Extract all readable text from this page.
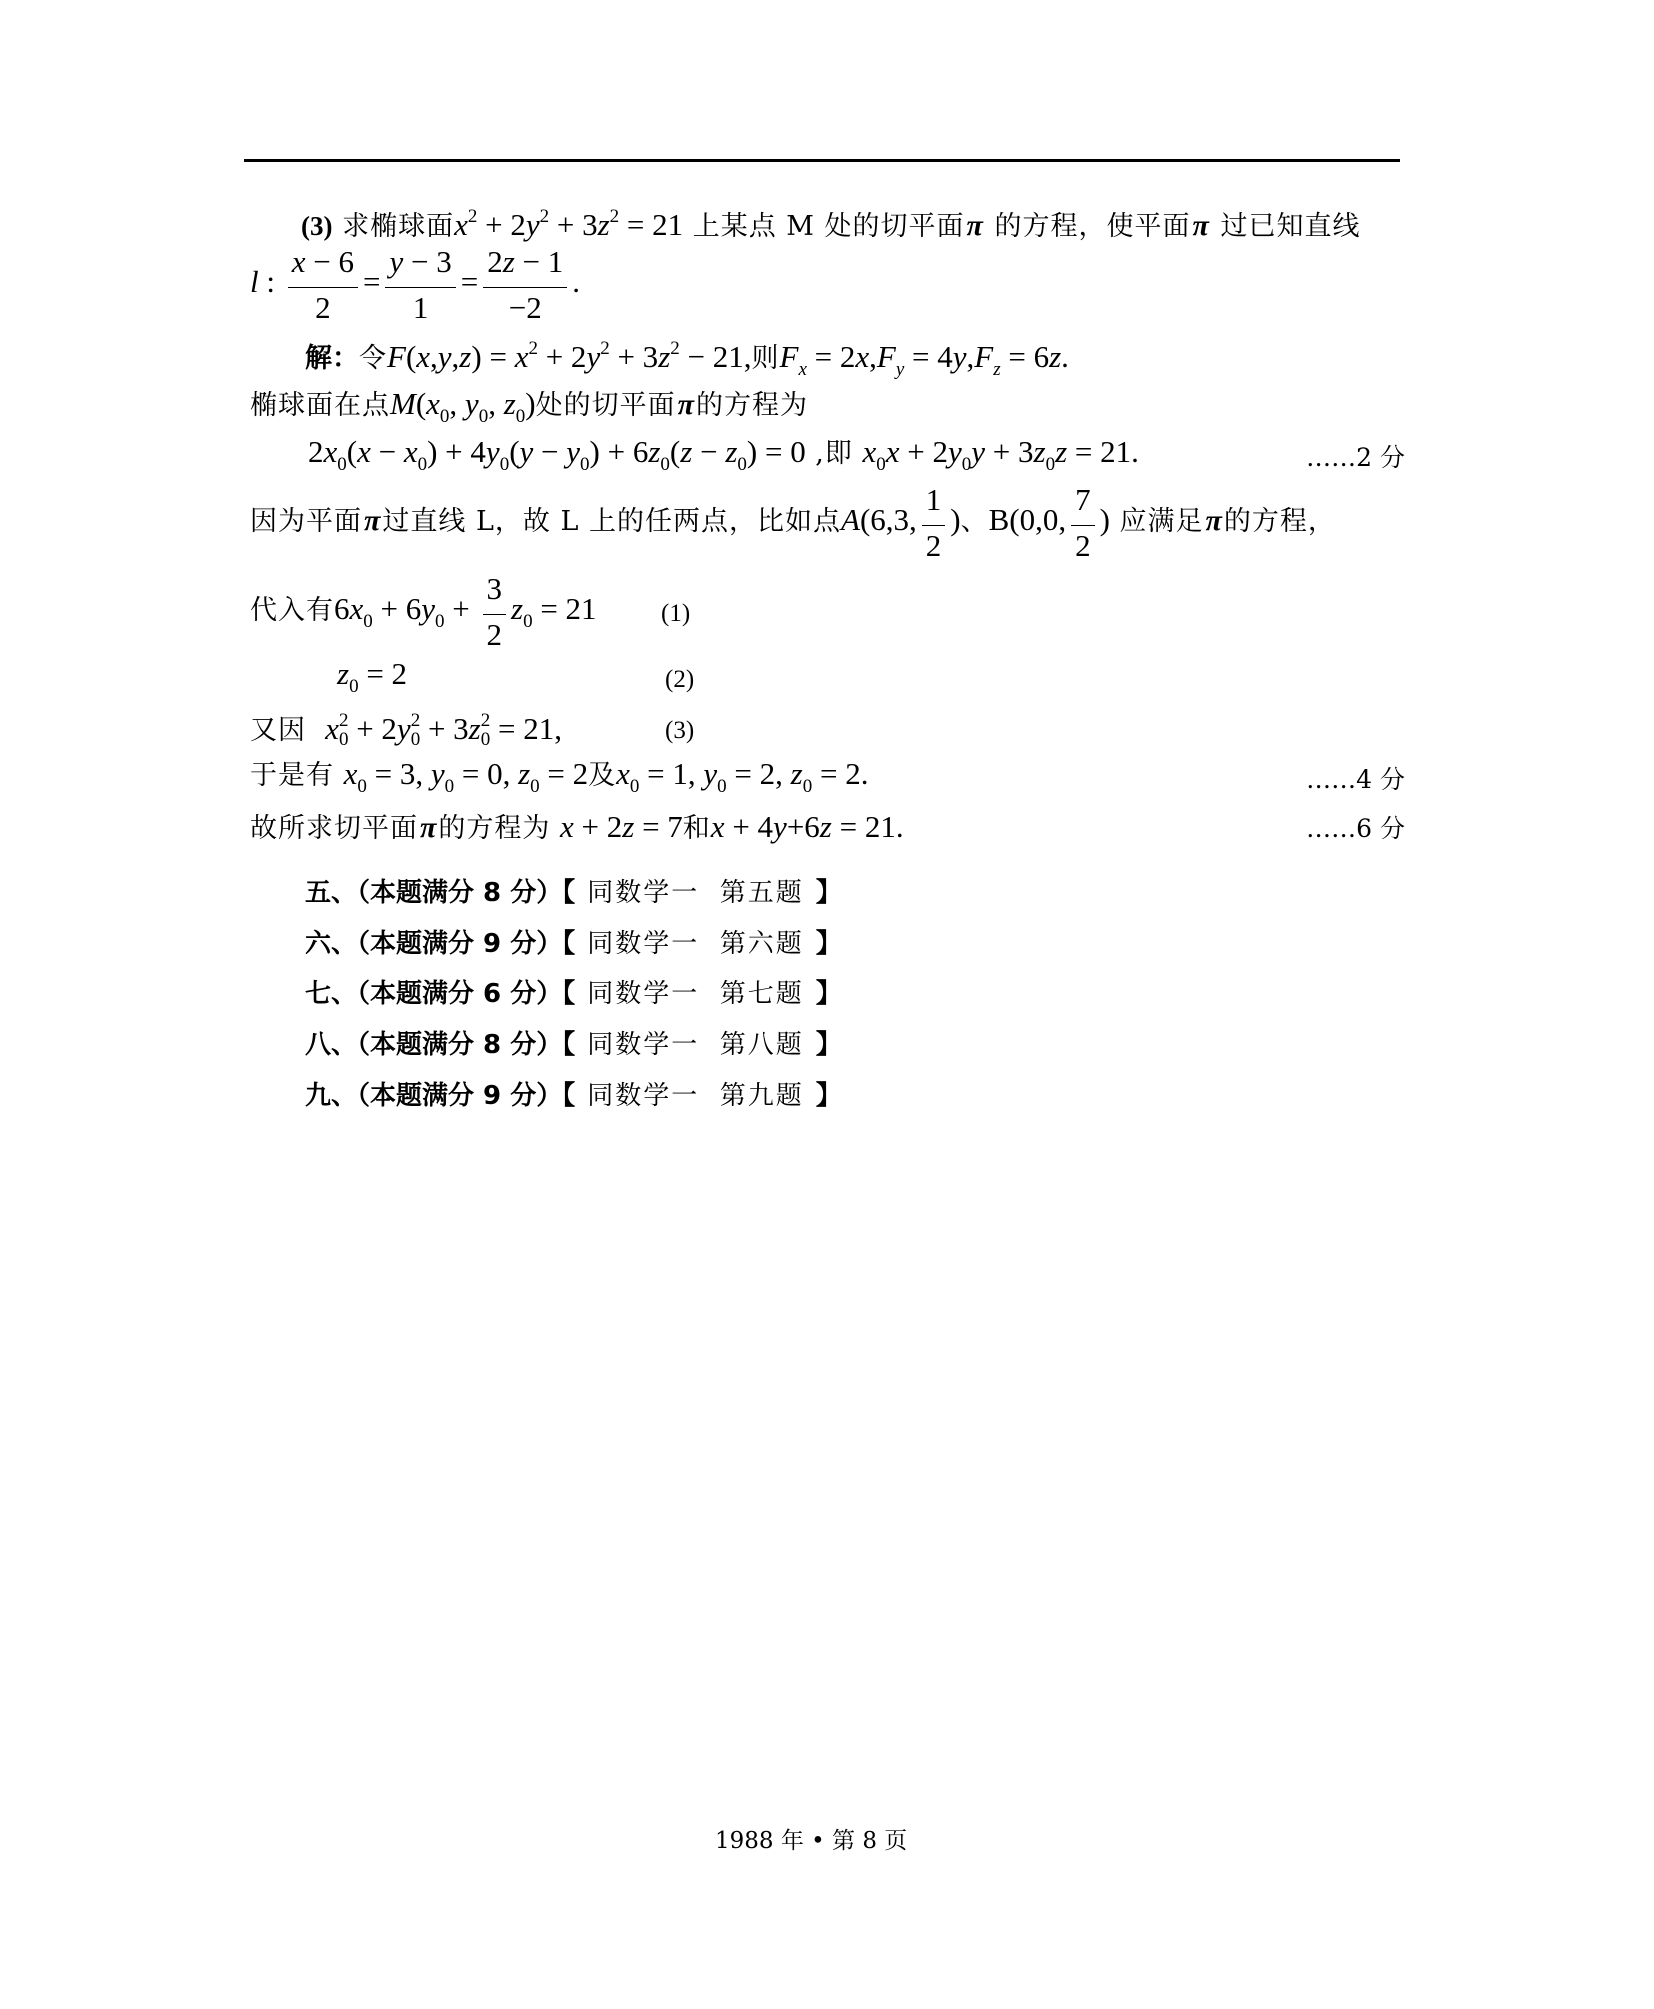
(3) 求椭球面x2 + 2y2 + 3z2 = 21 上某点 M 处的切平面π 的方程，使平面π 过已知直线
l : $\frac{x - 6}{2} = \frac{y - 3}{1} = \frac{2z - 1}{-2}$ .
解：令F(x,y,z) = x2 + 2y2 + 3z2 − 21,则Fx = 2x,Fy = 4y,Fz = 6z.
椭球面在点M(x0, y0, z0)处的切平面π的方程为
2x0(x − x0) + 4y0(y − y0) + 6z0(z − z0) = 0 ,即 x0x + 2y0y + 3z0z = 21.	……2 分
因为平面π过直线 L，故 L 上的任两点，比如点A(6,3, $\frac{1}{2}$ )、B(0,0, $\frac{7}{2}$ ) 应满足π的方程，
代入有$6x0 + 6y0 + \frac{3}{2} z0 = 21$	(1)
z0 = 2	(2)
又因  x 2
0 + 2y 2
0 + 3z 2
0 = 21,	(3)
于是有 x0 = 3, y0 = 0, z0 = 2及x0 = 1, y0 = 2, z0 = 2.	……4 分
故所求切平面π的方程为 x + 2z = 7和x + 4y+6z = 21.	……6 分
五、（本题满分 8 分）【 同数学一  第五题 】
六、（本题满分 9 分）【 同数学一  第六题 】
七、（本题满分 6 分）【 同数学一  第七题 】
八、（本题满分 8 分）【 同数学一  第八题 】
九、（本题满分 9 分）【 同数学一  第九题 】
1988 年 • 第 8 页
